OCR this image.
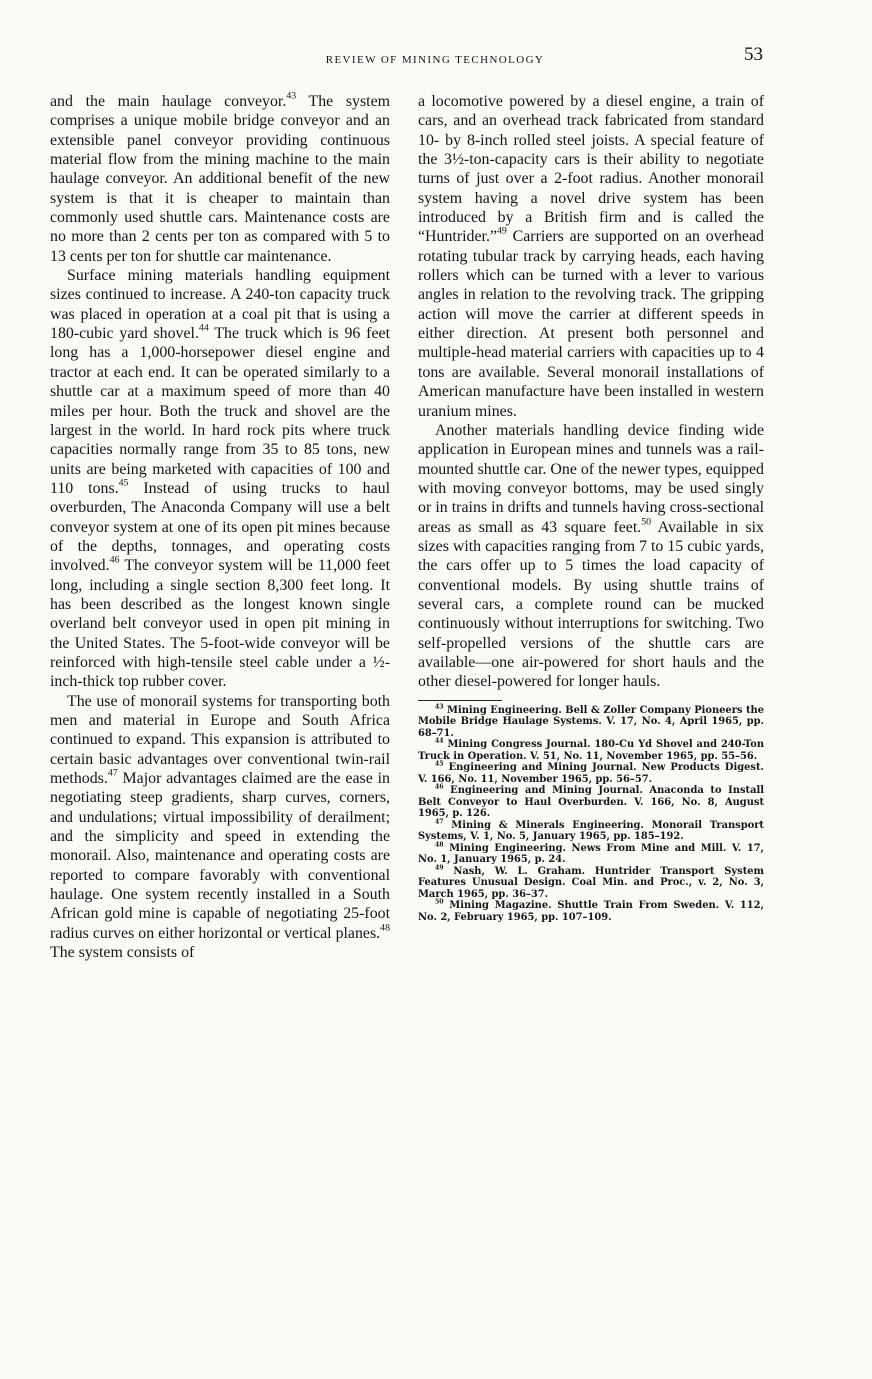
REVIEW OF MINING TECHNOLOGY	53

and the main haulage conveyor.$^{43}$ The system comprises a unique mobile bridge conveyor and an extensible panel conveyor providing continuous material flow from the mining machine to the main haulage conveyor. An additional benefit of the new system is that it is cheaper to maintain than commonly used shuttle cars. Maintenance costs are no more than 2 cents per ton as compared with 5 to 13 cents per ton for shuttle car maintenance.

Surface mining materials handling equipment sizes continued to increase. A 240-ton capacity truck was placed in operation at a coal pit that is using a 180-cubic yard shovel.$^{44}$ The truck which is 96 feet long has a 1,000-horsepower diesel engine and tractor at each end. It can be operated similarly to a shuttle car at a maximum speed of more than 40 miles per hour. Both the truck and shovel are the largest in the world. In hard rock pits where truck capacities normally range from 35 to 85 tons, new units are being marketed with capacities of 100 and 110 tons.$^{45}$ Instead of using trucks to haul overburden, The Anaconda Company will use a belt conveyor system at one of its open pit mines because of the depths, tonnages, and operating costs involved.$^{46}$ The conveyor system will be 11,000 feet long, including a single section 8,300 feet long. It has been described as the longest known single overland belt conveyor used in open pit mining in the United States. The 5-foot-wide conveyor will be reinforced with high-tensile steel cable under a ½-inch-thick top rubber cover.

The use of monorail systems for transporting both men and material in Europe and South Africa continued to expand. This expansion is attributed to certain basic advantages over conventional twin-rail methods.$^{47}$ Major advantages claimed are the ease in negotiating steep gradients, sharp curves, corners, and undulations; virtual impossibility of derailment; and the simplicity and speed in extending the monorail. Also, maintenance and operating costs are reported to compare favorably with conventional haulage. One system recently installed in a South African gold mine is capable of negotiating 25-foot radius curves on either horizontal or vertical planes.$^{48}$ The system consists of

a locomotive powered by a diesel engine, a train of cars, and an overhead track fabricated from standard 10- by 8-inch rolled steel joists. A special feature of the 3½-ton-capacity cars is their ability to negotiate turns of just over a 2-foot radius. Another monorail system having a novel drive system has been introduced by a British firm and is called the “Huntrider.”$^{49}$ Carriers are supported on an overhead rotating tubular track by carrying heads, each having rollers which can be turned with a lever to various angles in relation to the revolving track. The gripping action will move the carrier at different speeds in either direction. At present both personnel and multiple-head material carriers with capacities up to 4 tons are available. Several monorail installations of American manufacture have been installed in western uranium mines.

Another materials handling device finding wide application in European mines and tunnels was a rail-mounted shuttle car. One of the newer types, equipped with moving conveyor bottoms, may be used singly or in trains in drifts and tunnels having cross-sectional areas as small as 43 square feet.$^{50}$ Available in six sizes with capacities ranging from 7 to 15 cubic yards, the cars offer up to 5 times the load capacity of conventional models. By using shuttle trains of several cars, a complete round can be mucked continuously without interruptions for switching. Two self-propelled versions of the shuttle cars are available—one air-powered for short hauls and the other diesel-powered for longer hauls.

$^{43}$ Mining Engineering. Bell & Zoller Company Pioneers the Mobile Bridge Haulage Systems. V. 17, No. 4, April 1965, pp. 68–71.

$^{44}$ Mining Congress Journal. 180-Cu Yd Shovel and 240-Ton Truck in Operation. V. 51, No. 11, November 1965, pp. 55–56.

$^{45}$ Engineering and Mining Journal. New Products Digest. V. 166, No. 11, November 1965, pp. 56–57.

$^{46}$ Engineering and Mining Journal. Anaconda to Install Belt Conveyor to Haul Overburden. V. 166, No. 8, August 1965, p. 126.

$^{47}$ Mining & Minerals Engineering. Monorail Transport Systems, V. 1, No. 5, January 1965, pp. 185–192.

$^{48}$ Mining Engineering. News From Mine and Mill. V. 17, No. 1, January 1965, p. 24.

$^{49}$ Nash, W. L. Graham. Huntrider Transport System Features Unusual Design. Coal Min. and Proc., v. 2, No. 3, March 1965, pp. 36–37.

$^{50}$ Mining Magazine. Shuttle Train From Sweden. V. 112, No. 2, February 1965, pp. 107–109.
